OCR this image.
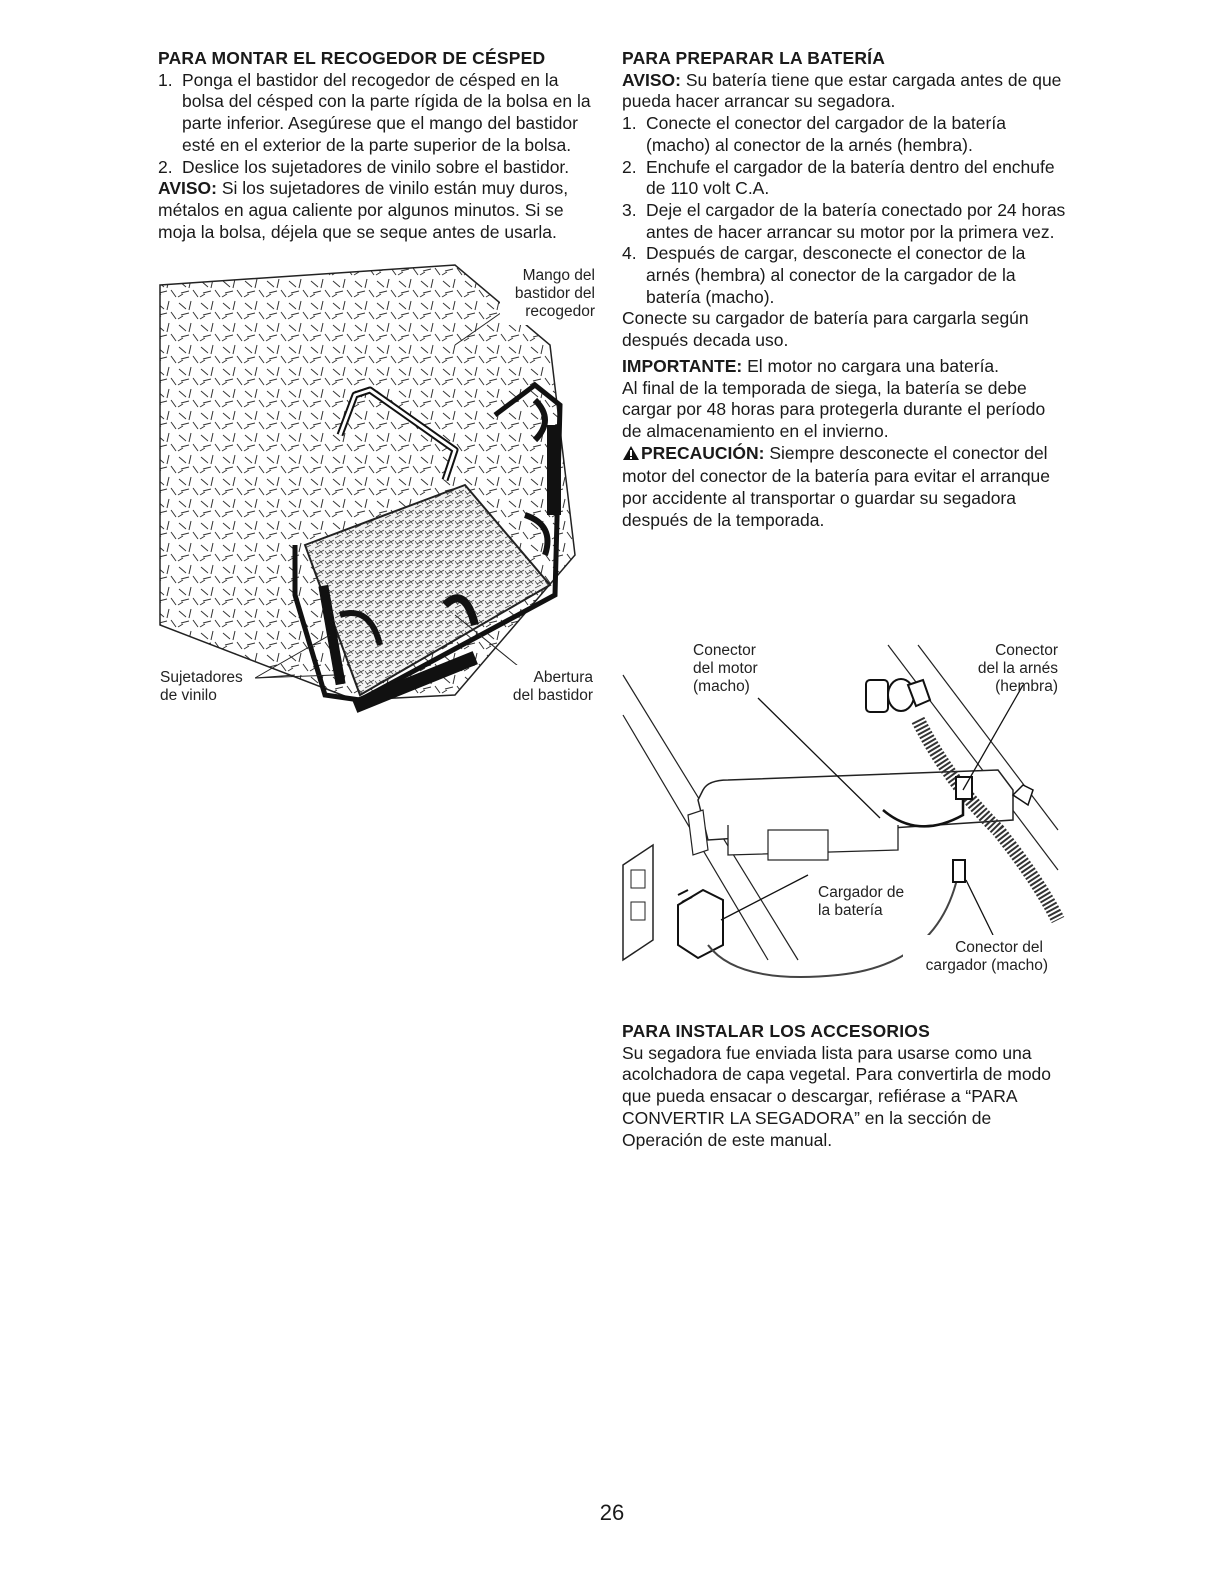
PARA MONTAR EL RECOGEDOR DE CÉSPED
1. Ponga el bastidor del recogedor de césped en la bolsa del césped con la parte rígida de la bolsa en la parte inferior. Asegúrese que el mango del bastidor esté en el exterior de la parte superior de la bolsa.
2. Deslice los sujetadores de vinilo sobre el bastidor.

AVISO: Si los sujetadores de vinilo están muy duros, métalos en agua caliente por algunos minutos. Si se moja la bolsa, déjela que se seque antes de usarla.

Mango del
bastidor del
recogedor
Sujetadores
de vinilo
Abertura
del bastidor
PARA PREPARAR LA BATERÍA

AVISO: Su batería tiene que estar cargada antes de que pueda hacer arrancar su segadora.

1. Conecte el conector del cargador de la batería (macho) al conector de la arnés (hembra).
2. Enchufe el cargador de la batería dentro del enchufe de 110 volt C.A.
3. Deje el cargador de la batería conectado por 24 horas antes de hacer arrancar su motor por la primera vez.
4. Después de cargar, desconecte el conector de la arnés (hembra) al conector de la cargador de la batería (macho).

Conecte su cargador de batería para cargarla según después decada uso.

IMPORTANTE: El motor no cargara una batería.

Al final de la temporada de siega, la batería se debe cargar por 48 horas para protegerla durante el período de almacenamiento en el invierno.

PRECAUCIÓN: Siempre desconecte el conector del motor del conector de la batería para evitar el arranque por accidente al transportar o guardar su segadora después de la temporada.

Conector
del motor
(macho)
Conector
del la arnés
(hembra)
Cargador de
la batería
Conector del
cargador (macho)
PARA INSTALAR LOS ACCESORIOS

Su segadora fue enviada lista para usarse como una acolchadora de capa vegetal. Para convertirla de modo que pueda ensacar o descargar, refiérase a “PARA CONVERTIR LA SEGADORA” en la sección de Operación de este manual.

26
